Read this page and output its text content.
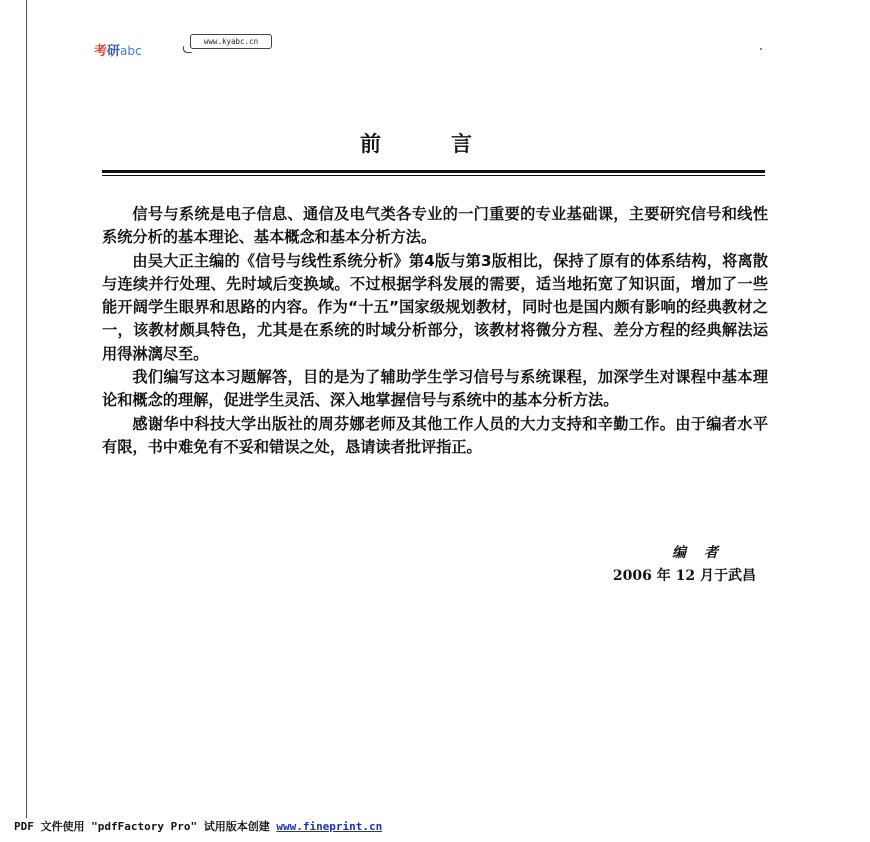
考研abc
www.kyabc.cn
前言

信号与系统是电子信息、通信及电气类各专业的一门重要的专业基础课，主要研究信号和线性系统分析的基本理论、基本概念和基本分析方法。

由吴大正主编的《信号与线性系统分析》第4版与第3版相比，保持了原有的体系结构，将离散与连续并行处理、先时域后变换域。不过根据学科发展的需要，适当地拓宽了知识面，增加了一些能开阔学生眼界和思路的内容。作为“十五”国家级规划教材，同时也是国内颇有影响的经典教材之一，该教材颇具特色，尤其是在系统的时域分析部分，该教材将微分方程、差分方程的经典解法运用得淋漓尽至。

我们编写这本习题解答，目的是为了辅助学生学习信号与系统课程，加深学生对课程中基本理论和概念的理解，促进学生灵活、深入地掌握信号与系统中的基本分析方法。

感谢华中科技大学出版社的周芬娜老师及其他工作人员的大力支持和辛勤工作。由于编者水平有限，书中难免有不妥和错误之处，恳请读者批评指正。

编者
2006 年 12 月于武昌
PDF 文件使用 "pdfFactory Pro" 试用版本创建 www.fineprint.cn
